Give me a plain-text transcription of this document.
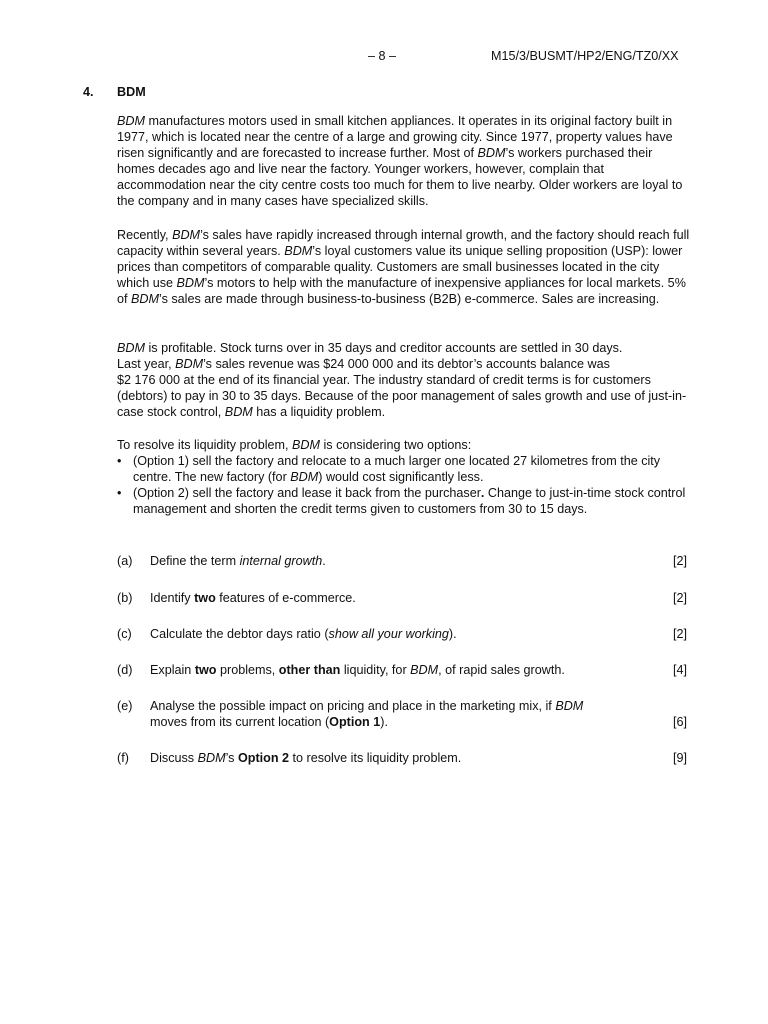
– 8 –	M15/3/BUSMT/HP2/ENG/TZ0/XX
4. BDM

BDM manufactures motors used in small kitchen appliances. It operates in its original factory built in 1977, which is located near the centre of a large and growing city. Since 1977, property values have risen significantly and are forecasted to increase further. Most of BDM’s workers purchased their homes decades ago and live near the factory. Younger workers, however, complain that accommodation near the city centre costs too much for them to live nearby. Older workers are loyal to the company and in many cases have specialized skills.

Recently, BDM’s sales have rapidly increased through internal growth, and the factory should reach full capacity within several years. BDM’s loyal customers value its unique selling proposition (USP): lower prices than competitors of comparable quality. Customers are small businesses located in the city which use BDM’s motors to help with the manufacture of inexpensive appliances for local markets. 5% of BDM’s sales are made through business-to-business (B2B) e-commerce. Sales are increasing.

BDM is profitable. Stock turns over in 35 days and creditor accounts are settled in 30 days.
Last year, BDM’s sales revenue was $24 000 000 and its debtor’s accounts balance was
$2 176 000 at the end of its financial year. The industry standard of credit terms is for customers (debtors) to pay in 30 to 35 days. Because of the poor management of sales growth and use of just-in-case stock control, BDM has a liquidity problem.

To resolve its liquidity problem, BDM is considering two options:
• (Option 1) sell the factory and relocate to a much larger one located 27 kilometres from the city centre. The new factory (for BDM) would cost significantly less.
• (Option 2) sell the factory and lease it back from the purchaser. Change to just-in-time stock control management and shorten the credit terms given to customers from 30 to 15 days.
(a) Define the term internal growth.	[2]
(b) Identify two features of e-commerce.	[2]
(c) Calculate the debtor days ratio (show all your working).	[2]
(d) Explain two problems, other than liquidity, for BDM, of rapid sales growth.	[4]
(e) Analyse the possible impact on pricing and place in the marketing mix, if BDM moves from its current location (Option 1).	[6]
(f) Discuss BDM’s Option 2 to resolve its liquidity problem.	[9]
